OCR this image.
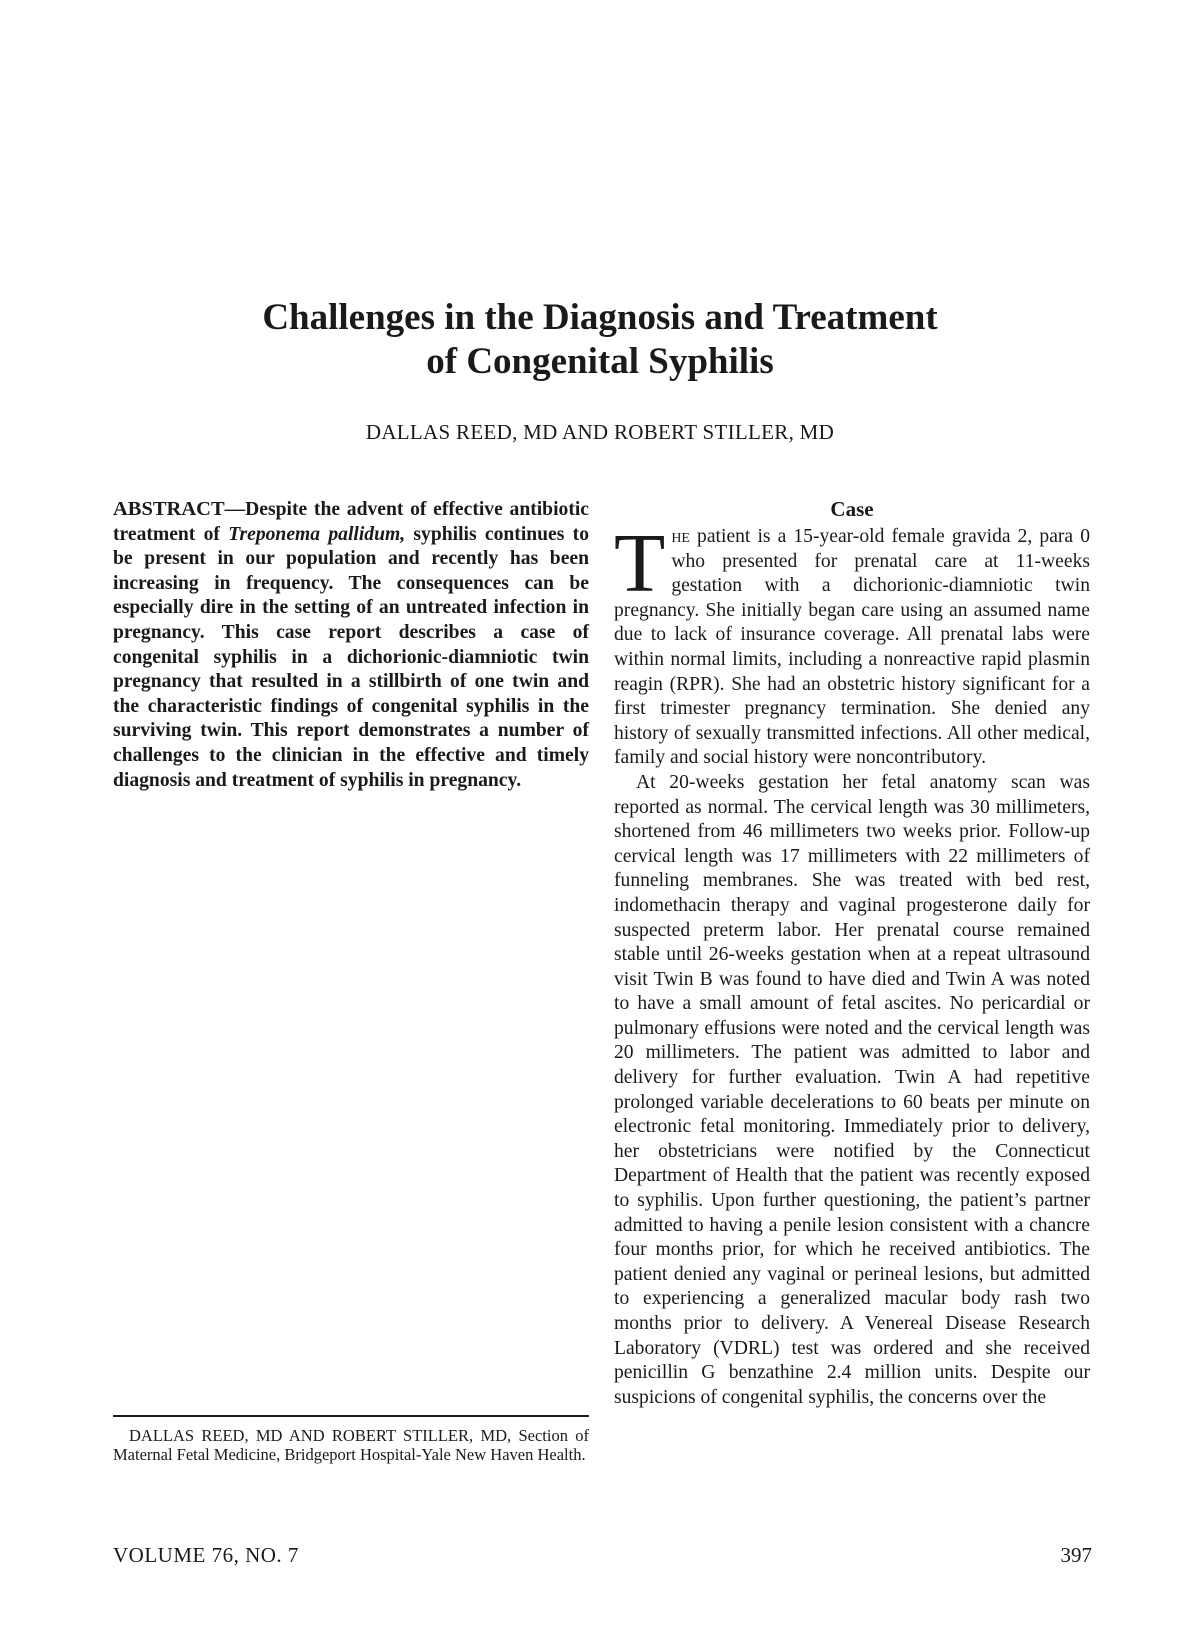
Challenges in the Diagnosis and Treatment
of Congenital Syphilis
DALLAS REED, MD AND ROBERT STILLER, MD

ABSTRACT—Despite the advent of effective antibiotic treatment of Treponema pallidum, syphilis continues to be present in our population and recently has been increasing in frequency. The consequences can be especially dire in the setting of an untreated infection in pregnancy. This case report describes a case of congenital syphilis in a dichorionic-diamniotic twin pregnancy that resulted in a stillbirth of one twin and the characteristic findings of congenital syphilis in the surviving twin. This report demonstrates a number of challenges to the clinician in the effective and timely diagnosis and treatment of syphilis in pregnancy.

DALLAS REED, MD AND ROBERT STILLER, MD, Section of Maternal Fetal Medicine, Bridgeport Hospital-Yale New Haven Health.

Case

The patient is a 15-year-old female gravida 2, para 0 who presented for prenatal care at 11-weeks gestation with a dichorionic-diamniotic twin pregnancy. She initially began care using an assumed name due to lack of insurance coverage. All prenatal labs were within normal limits, including a nonreactive rapid plasmin reagin (RPR). She had an obstetric history significant for a first trimester pregnancy termination. She denied any history of sexually transmitted infections. All other medical, family and social history were noncontributory.

At 20-weeks gestation her fetal anatomy scan was reported as normal. The cervical length was 30 millimeters, shortened from 46 millimeters two weeks prior. Follow-up cervical length was 17 millimeters with 22 millimeters of funneling membranes. She was treated with bed rest, indomethacin therapy and vaginal progesterone daily for suspected preterm labor. Her prenatal course remained stable until 26-weeks gestation when at a repeat ultrasound visit Twin B was found to have died and Twin A was noted to have a small amount of fetal ascites. No pericardial or pulmonary effusions were noted and the cervical length was 20 millimeters. The patient was admitted to labor and delivery for further evaluation. Twin A had repetitive prolonged variable decelerations to 60 beats per minute on electronic fetal monitoring. Immediately prior to delivery, her obstetricians were notified by the Connecticut Department of Health that the patient was recently exposed to syphilis. Upon further questioning, the patient’s partner admitted to having a penile lesion consistent with a chancre four months prior, for which he received antibiotics. The patient denied any vaginal or perineal lesions, but admitted to experiencing a generalized macular body rash two months prior to delivery. A Venereal Disease Research Laboratory (VDRL) test was ordered and she received penicillin G benzathine 2.4 million units. Despite our suspicions of congenital syphilis, the concerns over the

VOLUME 76, NO. 7	397
